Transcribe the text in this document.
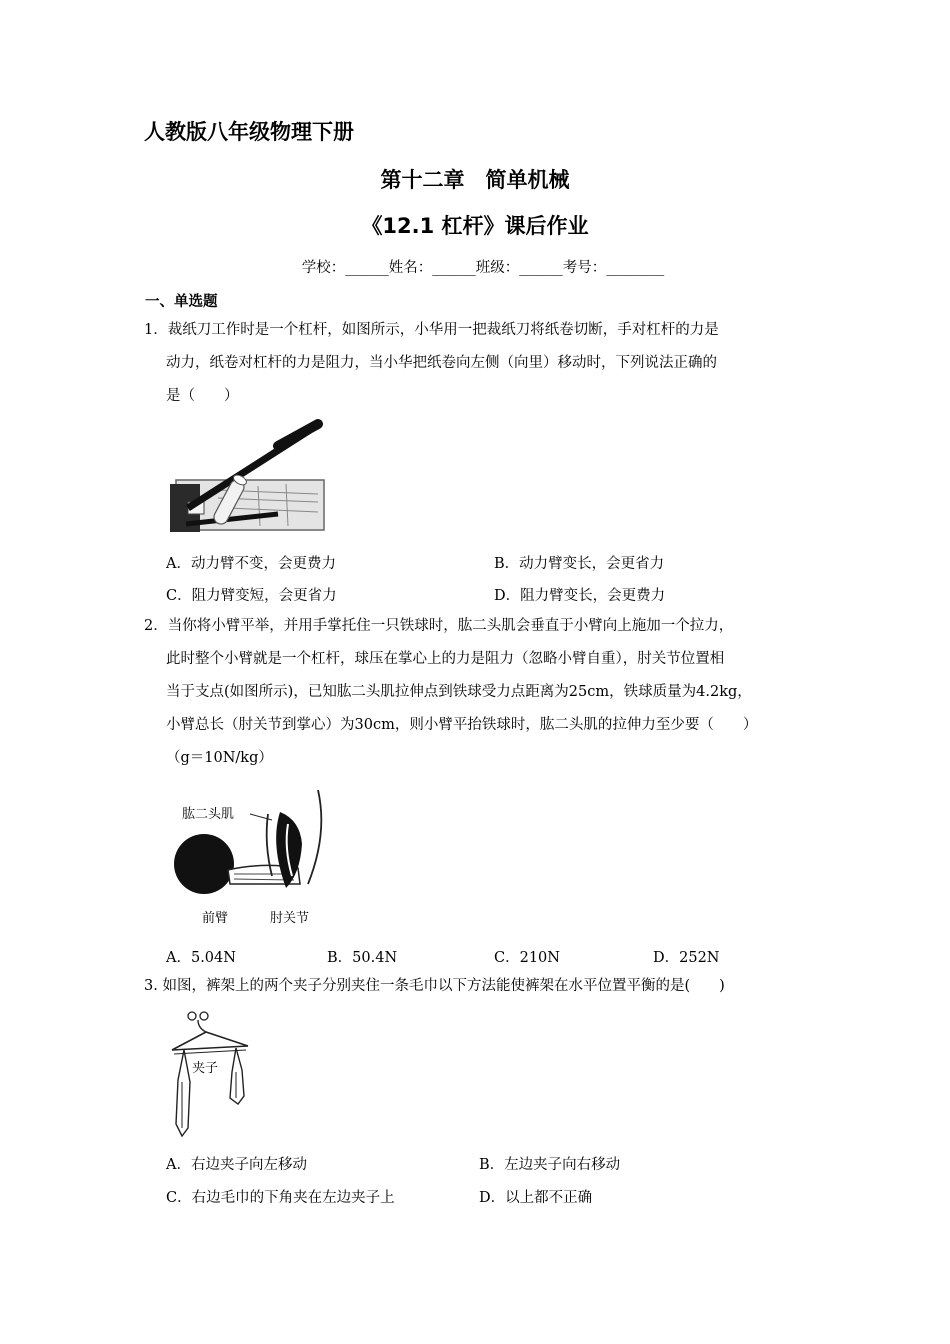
人教版八年级物理下册
第十二章　简单机械
《12.1 杠杆》课后作业
学校：______姓名：______班级：______考号：________
一、单选题
1．裁纸刀工作时是一个杠杆，如图所示，小华用一把裁纸刀将纸卷切断，手对杠杆的力是
动力，纸卷对杠杆的力是阻力，当小华把纸卷向左侧（向里）移动时，下列说法正确的
是（　　）
A．动力臂不变，会更费力	B．动力臂变长，会更省力
C．阻力臂变短，会更省力	D．阻力臂变长，会更费力
2．当你将小臂平举，并用手掌托住一只铁球时，肱二头肌会垂直于小臂向上施加一个拉力，
此时整个小臂就是一个杠杆，球压在掌心上的力是阻力（忽略小臂自重），肘关节位置相
当于支点(如图所示)，已知肱二头肌拉伸点到铁球受力点距离为25cm，铁球质量为4.2kg，
小臂总长（肘关节到掌心）为30cm，则小臂平抬铁球时，肱二头肌的拉伸力至少要（　　）
（g＝10N/kg）
肱二头肌
前臂	肘关节
A．5.04N	B．50.4N	C．210N	D．252N
3. 如图，裤架上的两个夹子分别夹住一条毛巾以下方法能使裤架在水平位置平衡的是(　　)
夹子
A．右边夹子向左移动	B．左边夹子向右移动
C．右边毛巾的下角夹在左边夹子上	D．以上都不正确
